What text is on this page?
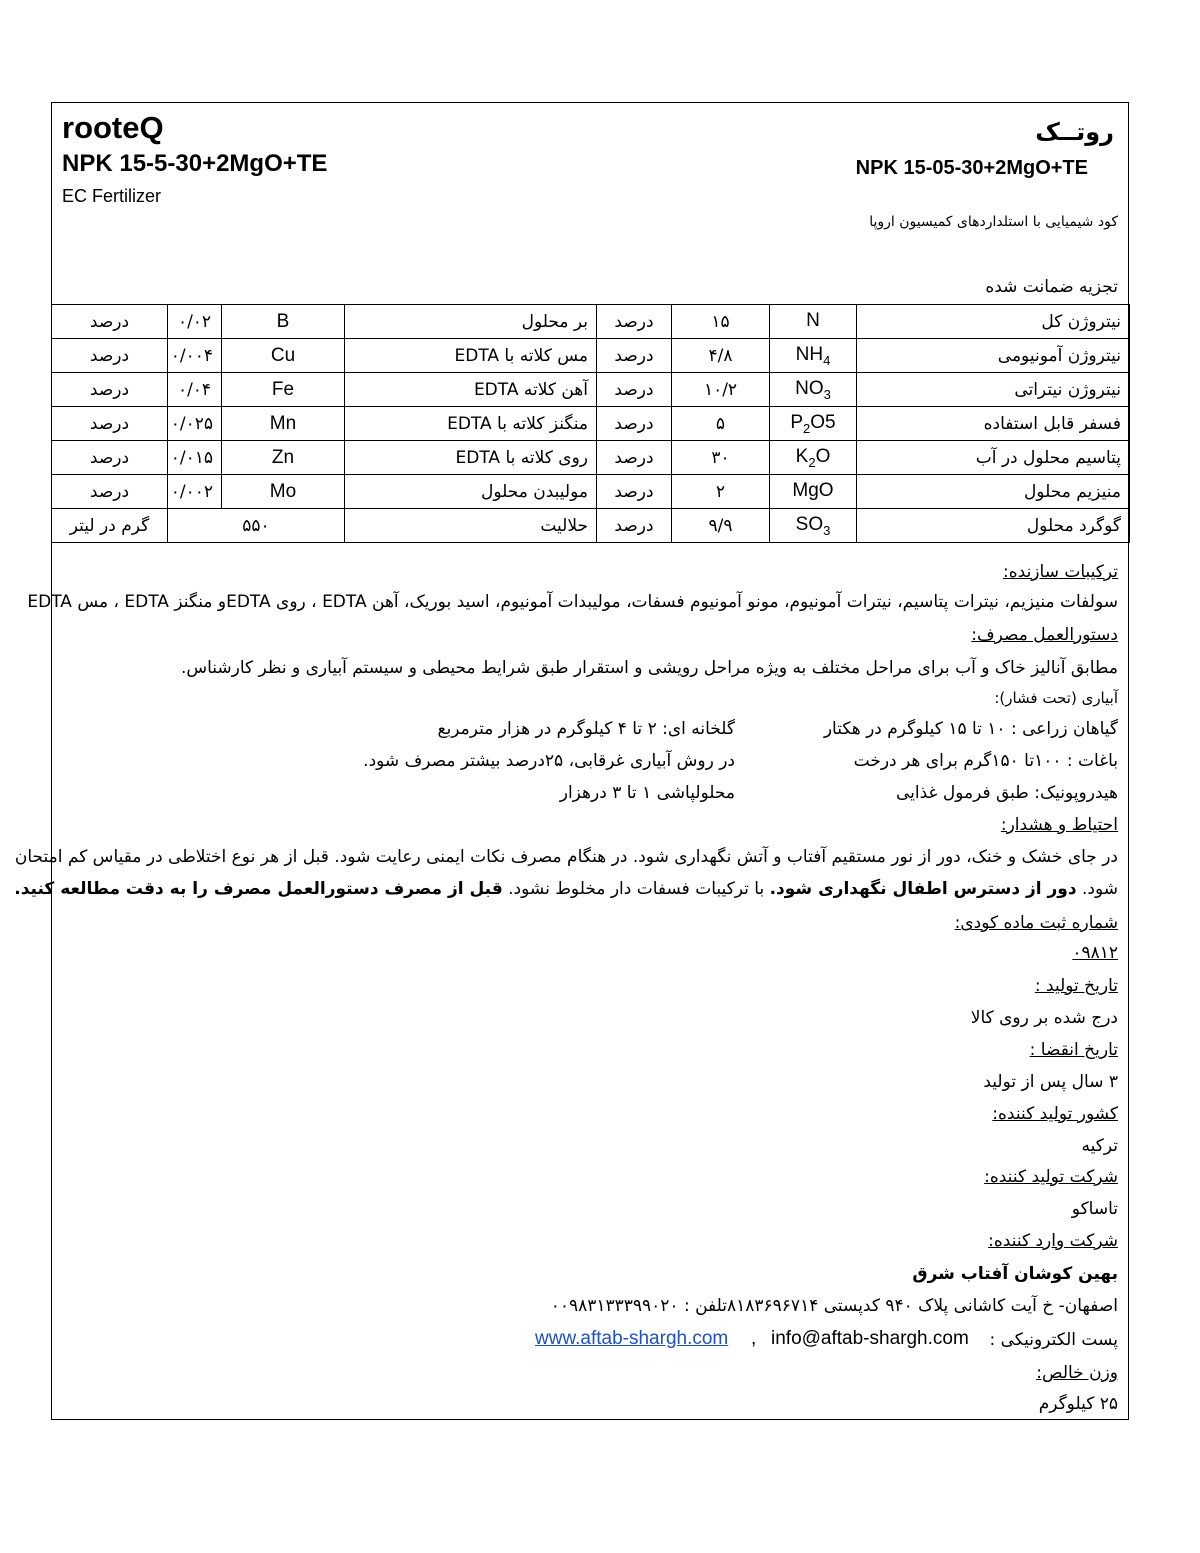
rooteQ
NPK 15-5-30+2MgO+TE
EC Fertilizer
روتــک
NPK 15-05-30+2MgO+TE
کود شیمیایی با استلداردهای کمیسیون اروپا
تجزیه ضمانت شده
نیتروژن کل	N	۱۵	درصد	بر محلول	B	۰/۰۲	درصد
نیتروژن آمونیومی	$NH_4$	۴/۸	درصد	مس کلاته با EDTA	Cu	۰/۰۰۴	درصد
نیتروژن نیتراتی	$NO_3$	۱۰/۲	درصد	آهن کلاته EDTA	Fe	۰/۰۴	درصد
فسفر قابل استفاده	$P_2O5$	۵	درصد	منگنز کلاته با EDTA	Mn	۰/۰۲۵	درصد
پتاسیم محلول در آب	$K_2O$	۳۰	درصد	روی کلاته با EDTA	Zn	۰/۰۱۵	درصد
منیزیم محلول	MgO	۲	درصد	مولیبدن محلول	Mo	۰/۰۰۲	درصد
گوگرد محلول	$SO_3$	۹/۹	درصد	حلالیت	۵۵۰		گرم در لیتر
ترکیبات سازنده:
سولفات منیزیم، نیترات پتاسیم، نیترات آمونیوم، مونو آمونیوم فسفات، مولیبدات آمونیوم، اسید بوریک، آهن EDTA ، روی EDTAو منگنز EDTA ، مس EDTA
دستورالعمل مصرف:
مطابق آنالیز خاک و آب برای مراحل مختلف به ویژه مراحل رویشی و استقرار طبق شرایط محیطی و سیستم آبیاری و نظر کارشناس.
آبیاری (تحت فشار):
گیاهان زراعی : ۱۰ تا ۱۵ کیلوگرم در هکتار
گلخانه ای: ۲ تا ۴ کیلوگرم در هزار مترمربع
باغات : ۱۰۰تا ۱۵۰گرم برای هر درخت
در روش آبیاری غرقابی، ۲۵درصد بیشتر مصرف شود.
هیدروپونیک: طبق فرمول غذایی
محلولپاشی ۱ تا ۳ درهزار
احتیاط و هشدار:
در جای خشک و خنک، دور از نور مستقیم آفتاب و آتش نگهداری شود. در هنگام مصرف نکات ایمنی رعایت شود. قبل از هر نوع اختلاطی در مقیاس کم امتحان
شود. دور از دسترس اطفال نگهداری شود. با ترکیبات فسفات دار مخلوط نشود. قبل از مصرف دستورالعمل مصرف را به دقت مطالعه کنید.
شماره ثبت ماده کودی:
۰۹۸۱۲
تاریخ تولید :
درج شده بر روی کالا
تاریخ انقضا :
۳ سال پس از تولید
کشور تولید کننده:
ترکیه
شرکت تولید کننده:
تاساکو
شرکت وارد کننده:
بهین کوشان آفتاب شرق
اصفهان- خ آیت کاشانی پلاک ۹۴۰ کدپستی ۸۱۸۳۶۹۶۷۱۴تلفن : ۰۰۹۸۳۱۳۳۳۹۹۰۲۰
پست الکترونیکی :
info@aftab-shargh.com
,
www.aftab-shargh.com
وزن خالص:
۲۵ کیلوگرم
